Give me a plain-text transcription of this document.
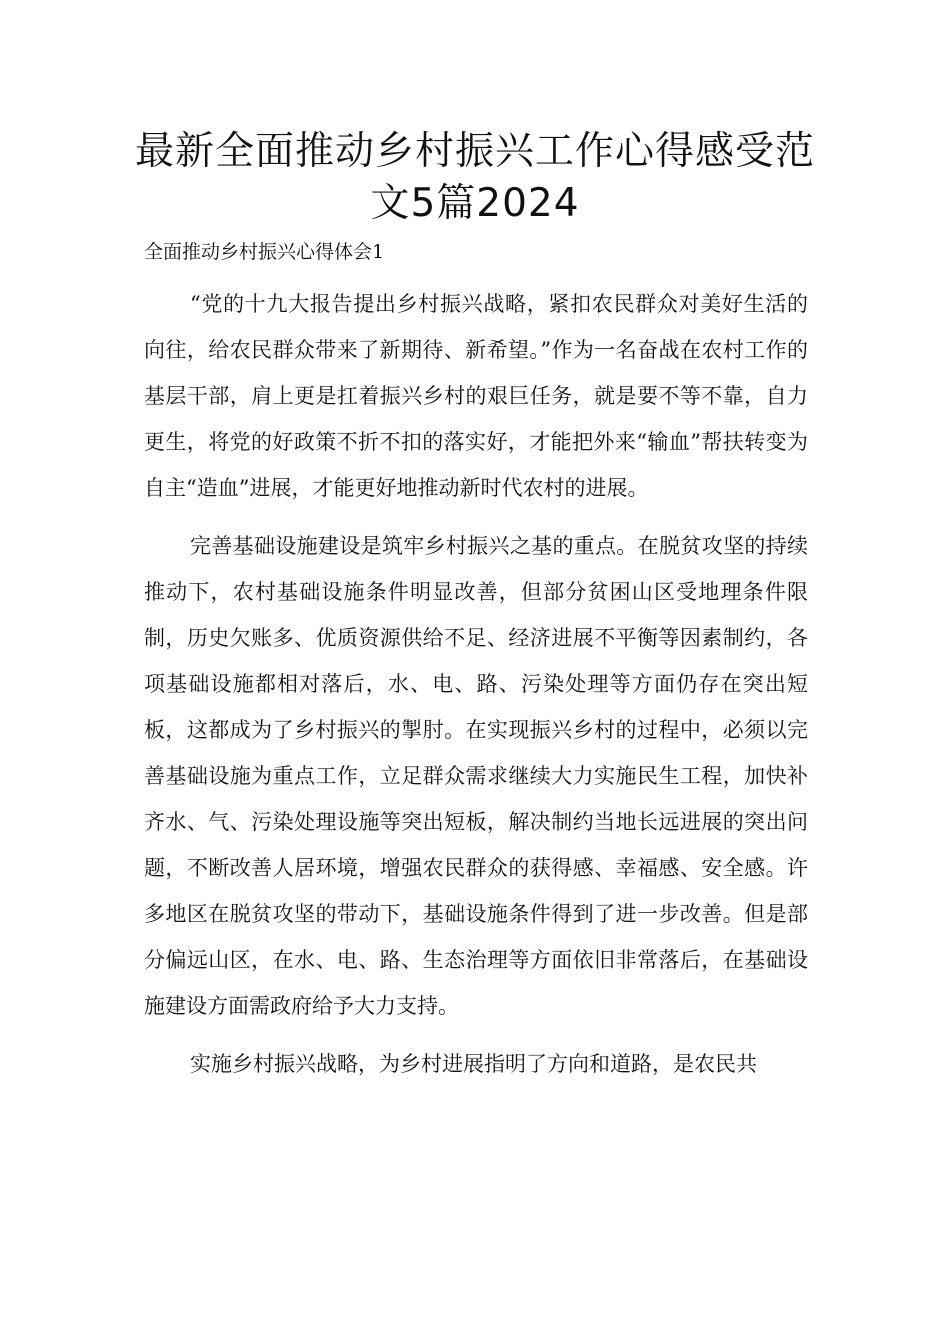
最新全面推动乡村振兴工作心得感受范文5篇2024

全面推动乡村振兴心得体会1

“党的十九大报告提出乡村振兴战略，紧扣农民群众对美好生活的向往，给农民群众带来了新期待、新希望。”作为一名奋战在农村工作的基层干部，肩上更是扛着振兴乡村的艰巨任务，就是要不等不靠，自力更生，将党的好政策不折不扣的落实好，才能把外来“输血”帮扶转变为自主“造血”进展，才能更好地推动新时代农村的进展。

完善基础设施建设是筑牢乡村振兴之基的重点。在脱贫攻坚的持续推动下，农村基础设施条件明显改善，但部分贫困山区受地理条件限制，历史欠账多、优质资源供给不足、经济进展不平衡等因素制约，各项基础设施都相对落后，水、电、路、污染处理等方面仍存在突出短板，这都成为了乡村振兴的掣肘。在实现振兴乡村的过程中，必须以完善基础设施为重点工作，立足群众需求继续大力实施民生工程，加快补齐水、气、污染处理设施等突出短板，解决制约当地长远进展的突出问题，不断改善人居环境，增强农民群众的获得感、幸福感、安全感。许多地区在脱贫攻坚的带动下，基础设施条件得到了进一步改善。但是部分偏远山区，在水、电、路、生态治理等方面依旧非常落后，在基础设施建设方面需政府给予大力支持。

实施乡村振兴战略，为乡村进展指明了方向和道路，是农民共
